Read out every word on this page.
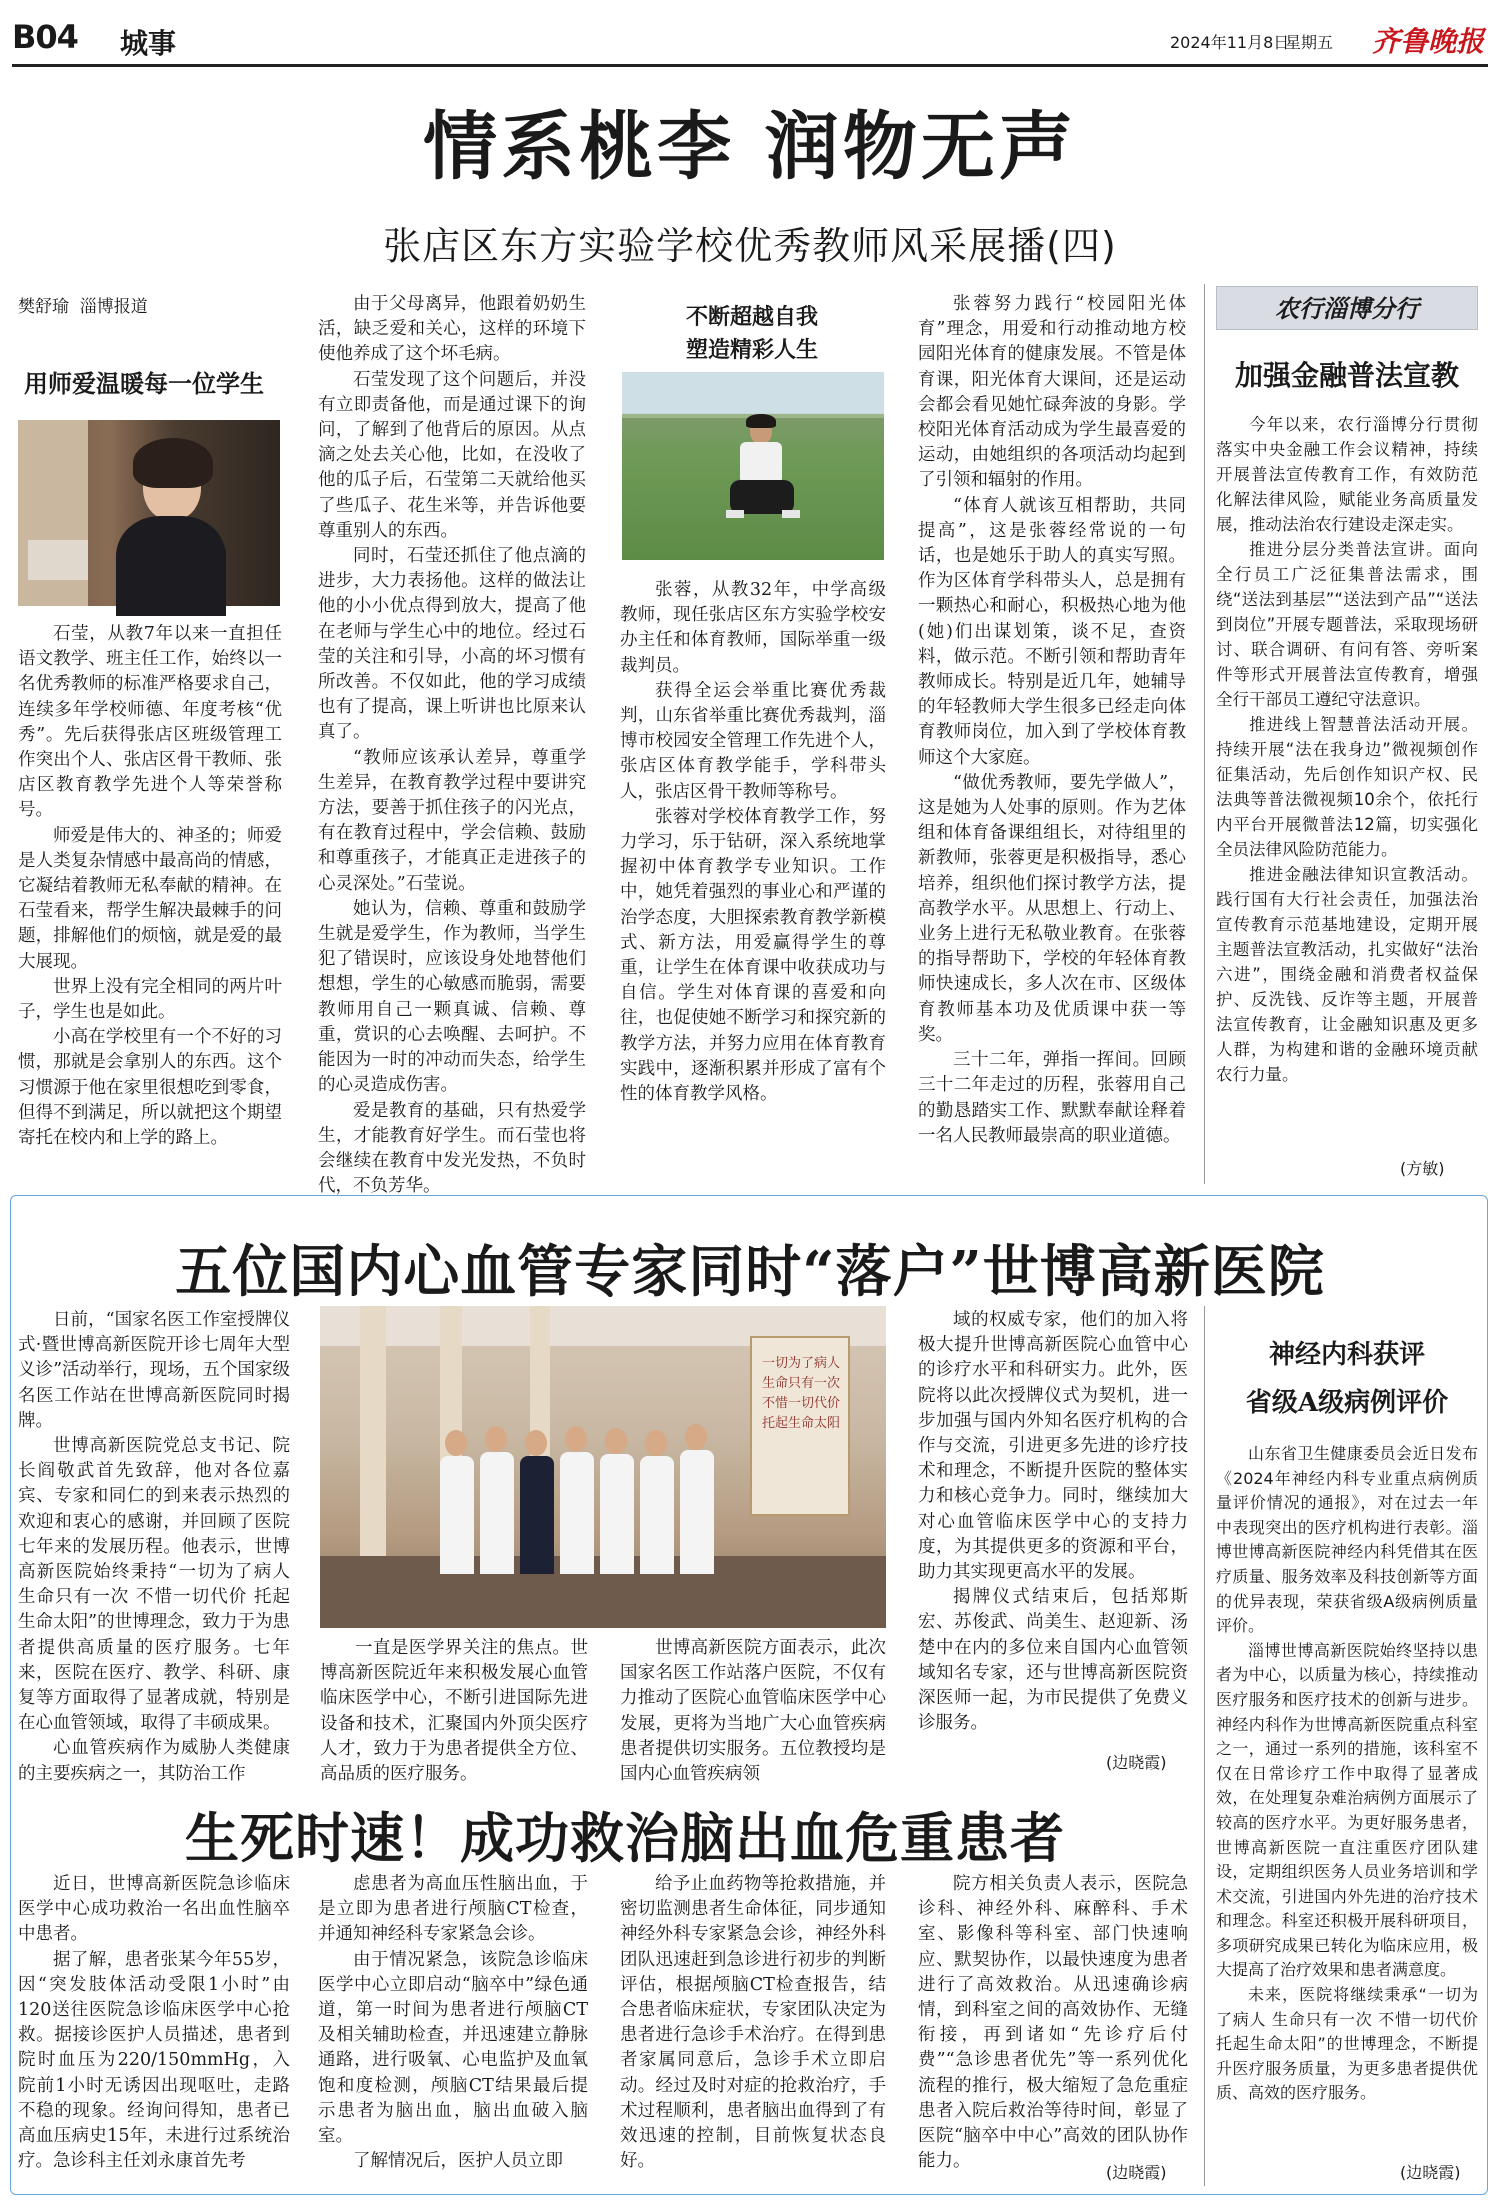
B04 城事	2024年11月8日
星期五 齐鲁晚报
情系桃李 润物无声
张店区东方实验学校优秀教师风采展播(四)
樊舒瑜  淄博报道
用师爱温暖每一位学生

石莹，从教7年以来一直担任语文教学、班主任工作，始终以一名优秀教师的标准严格要求自己，连续多年学校师德、年度考核“优秀”。先后获得张店区班级管理工作突出个人、张店区骨干教师、张店区教育教学先进个人等荣誉称号。

师爱是伟大的、神圣的；师爱是人类复杂情感中最高尚的情感，它凝结着教师无私奉献的精神。在石莹看来，帮学生解决最棘手的问题，排解他们的烦恼，就是爱的最大展现。

世界上没有完全相同的两片叶子，学生也是如此。

小高在学校里有一个不好的习惯，那就是会拿别人的东西。这个习惯源于他在家里很想吃到零食，但得不到满足，所以就把这个期望寄托在校内和上学的路上。

由于父母离异，他跟着奶奶生活，缺乏爱和关心，这样的环境下使他养成了这个坏毛病。

石莹发现了这个问题后，并没有立即责备他，而是通过课下的询问，了解到了他背后的原因。从点滴之处去关心他，比如，在没收了他的瓜子后，石莹第二天就给他买了些瓜子、花生米等，并告诉他要尊重别人的东西。

同时，石莹还抓住了他点滴的进步，大力表扬他。这样的做法让他的小小优点得到放大，提高了他在老师与学生心中的地位。经过石莹的关注和引导，小高的坏习惯有所改善。不仅如此，他的学习成绩也有了提高，课上听讲也比原来认真了。

“教师应该承认差异，尊重学生差异，在教育教学过程中要讲究方法，要善于抓住孩子的闪光点，有在教育过程中，学会信赖、鼓励和尊重孩子，才能真正走进孩子的心灵深处。”石莹说。

她认为，信赖、尊重和鼓励学生就是爱学生，作为教师，当学生犯了错误时，应该设身处地替他们想想，学生的心敏感而脆弱，需要教师用自己一颗真诚、信赖、尊重，赏识的心去唤醒、去呵护。不能因为一时的冲动而失态，给学生的心灵造成伤害。

爱是教育的基础，只有热爱学生，才能教育好学生。而石莹也将会继续在教育中发光发热，不负时代，不负芳华。

不断超越自我
塑造精彩人生

张蓉，从教32年，中学高级教师，现任张店区东方实验学校安办主任和体育教师，国际举重一级裁判员。

获得全运会举重比赛优秀裁判，山东省举重比赛优秀裁判，淄博市校园安全管理工作先进个人，张店区体育教学能手，学科带头人，张店区骨干教师等称号。

张蓉对学校体育教学工作，努力学习，乐于钻研，深入系统地掌握初中体育教学专业知识。工作中，她凭着强烈的事业心和严谨的治学态度，大胆探索教育教学新模式、新方法，用爱赢得学生的尊重，让学生在体育课中收获成功与自信。学生对体育课的喜爱和向往，也促使她不断学习和探究新的教学方法，并努力应用在体育教育实践中，逐渐积累并形成了富有个性的体育教学风格。

张蓉努力践行“校园阳光体育”理念，用爱和行动推动地方校园阳光体育的健康发展。不管是体育课，阳光体育大课间，还是运动会都会看见她忙碌奔波的身影。学校阳光体育活动成为学生最喜爱的运动，由她组织的各项活动均起到了引领和辐射的作用。

“体育人就该互相帮助，共同提高”，这是张蓉经常说的一句话，也是她乐于助人的真实写照。作为区体育学科带头人，总是拥有一颗热心和耐心，积极热心地为他(她)们出谋划策，谈不足，查资料，做示范。不断引领和帮助青年教师成长。特别是近几年，她辅导的年轻教师大学生很多已经走向体育教师岗位，加入到了学校体育教师这个大家庭。

“做优秀教师，要先学做人”，这是她为人处事的原则。作为艺体组和体育备课组组长，对待组里的新教师，张蓉更是积极指导，悉心培养，组织他们探讨教学方法，提高教学水平。从思想上、行动上、业务上进行无私敬业教育。在张蓉的指导帮助下，学校的年轻体育教师快速成长，多人次在市、区级体育教师基本功及优质课中获一等奖。

三十二年，弹指一挥间。回顾三十二年走过的历程，张蓉用自己的勤恳踏实工作、默默奉献诠释着一名人民教师最崇高的职业道德。

农行淄博分行
加强金融普法宣教

今年以来，农行淄博分行贯彻落实中央金融工作会议精神，持续开展普法宣传教育工作，有效防范化解法律风险，赋能业务高质量发展，推动法治农行建设走深走实。

推进分层分类普法宣讲。面向全行员工广泛征集普法需求，围绕“送法到基层”“送法到产品”“送法到岗位”开展专题普法，采取现场研讨、联合调研、有问有答、旁听案件等形式开展普法宣传教育，增强全行干部员工遵纪守法意识。

推进线上智慧普法活动开展。持续开展“法在我身边”微视频创作征集活动，先后创作知识产权、民法典等普法微视频10余个，依托行内平台开展微普法12篇，切实强化全员法律风险防范能力。

推进金融法律知识宣教活动。践行国有大行社会责任，加强法治宣传教育示范基地建设，定期开展主题普法宣教活动，扎实做好“法治六进”，围绕金融和消费者权益保护、反洗钱、反诈等主题，开展普法宣传教育，让金融知识惠及更多人群，为构建和谐的金融环境贡献农行力量。

(方敏)
五位国内心血管专家同时“落户”世博高新医院

日前，“国家名医工作室授牌仪式·暨世博高新医院开诊七周年大型义诊”活动举行，现场，五个国家级名医工作站在世博高新医院同时揭牌。

世博高新医院党总支书记、院长阎敬武首先致辞，他对各位嘉宾、专家和同仁的到来表示热烈的欢迎和衷心的感谢，并回顾了医院七年来的发展历程。他表示，世博高新医院始终秉持“一切为了病人 生命只有一次 不惜一切代价 托起生命太阳”的世博理念，致力于为患者提供高质量的医疗服务。七年来，医院在医疗、教学、科研、康复等方面取得了显著成就，特别是在心血管领域，取得了丰硕成果。

心血管疾病作为威胁人类健康的主要疾病之一，其防治工作

一切为了病人
生命只有一次
不惜一切代价
托起生命太阳

一直是医学界关注的焦点。世博高新医院近年来积极发展心血管临床医学中心，不断引进国际先进设备和技术，汇聚国内外顶尖医疗人才，致力于为患者提供全方位、高品质的医疗服务。

世博高新医院方面表示，此次国家名医工作站落户医院，不仅有力推动了医院心血管临床医学中心发展，更将为当地广大心血管疾病患者提供切实服务。五位教授均是国内心血管疾病领

域的权威专家，他们的加入将极大提升世博高新医院心血管中心的诊疗水平和科研实力。此外，医院将以此次授牌仪式为契机，进一步加强与国内外知名医疗机构的合作与交流，引进更多先进的诊疗技术和理念，不断提升医院的整体实力和核心竞争力。同时，继续加大对心血管临床医学中心的支持力度，为其提供更多的资源和平台，助力其实现更高水平的发展。

揭牌仪式结束后，包括郑斯宏、苏俊武、尚美生、赵迎新、汤楚中在内的多位来自国内心血管领域知名专家，还与世博高新医院资深医师一起，为市民提供了免费义诊服务。

(边晓霞)
神经内科获评
省级A级病例评价

山东省卫生健康委员会近日发布《2024年神经内科专业重点病例质量评价情况的通报》，对在过去一年中表现突出的医疗机构进行表彰。淄博世博高新医院神经内科凭借其在医疗质量、服务效率及科技创新等方面的优异表现，荣获省级A级病例质量评价。

淄博世博高新医院始终坚持以患者为中心，以质量为核心，持续推动医疗服务和医疗技术的创新与进步。神经内科作为世博高新医院重点科室之一，通过一系列的措施，该科室不仅在日常诊疗工作中取得了显著成效，在处理复杂难治病例方面展示了较高的医疗水平。为更好服务患者，世博高新医院一直注重医疗团队建设，定期组织医务人员业务培训和学术交流，引进国内外先进的治疗技术和理念。科室还积极开展科研项目，多项研究成果已转化为临床应用，极大提高了治疗效果和患者满意度。

未来，医院将继续秉承“一切为了病人 生命只有一次 不惜一切代价 托起生命太阳”的世博理念，不断提升医疗服务质量，为更多患者提供优质、高效的医疗服务。

(边晓霞)
生死时速！成功救治脑出血危重患者

近日，世博高新医院急诊临床医学中心成功救治一名出血性脑卒中患者。

据了解，患者张某今年55岁，因“突发肢体活动受限1小时”由120送往医院急诊临床医学中心抢救。据接诊医护人员描述，患者到院时血压为220/150mmHg，入院前1小时无诱因出现呕吐，走路不稳的现象。经询问得知，患者已高血压病史15年，未进行过系统治疗。急诊科主任刘永康首先考

虑患者为高血压性脑出血，于是立即为患者进行颅脑CT检查，并通知神经科专家紧急会诊。

由于情况紧急，该院急诊临床医学中心立即启动“脑卒中”绿色通道，第一时间为患者进行颅脑CT及相关辅助检查，并迅速建立静脉通路，进行吸氧、心电监护及血氧饱和度检测，颅脑CT结果最后提示患者为脑出血，脑出血破入脑室。

了解情况后，医护人员立即

给予止血药物等抢救措施，并密切监测患者生命体征，同步通知神经外科专家紧急会诊，神经外科团队迅速赶到急诊进行初步的判断评估，根据颅脑CT检查报告，结合患者临床症状，专家团队决定为患者进行急诊手术治疗。在得到患者家属同意后，急诊手术立即启动。经过及时对症的抢救治疗，手术过程顺利，患者脑出血得到了有效迅速的控制，目前恢复状态良好。

院方相关负责人表示，医院急诊科、神经外科、麻醉科、手术室、影像科等科室、部门快速响应、默契协作，以最快速度为患者进行了高效救治。从迅速确诊病情，到科室之间的高效协作、无缝衔接，再到诸如“先诊疗后付费”“急诊患者优先”等一系列优化流程的推行，极大缩短了急危重症患者入院后救治等待时间，彰显了医院“脑卒中中心”高效的团队协作能力。

(边晓霞)
